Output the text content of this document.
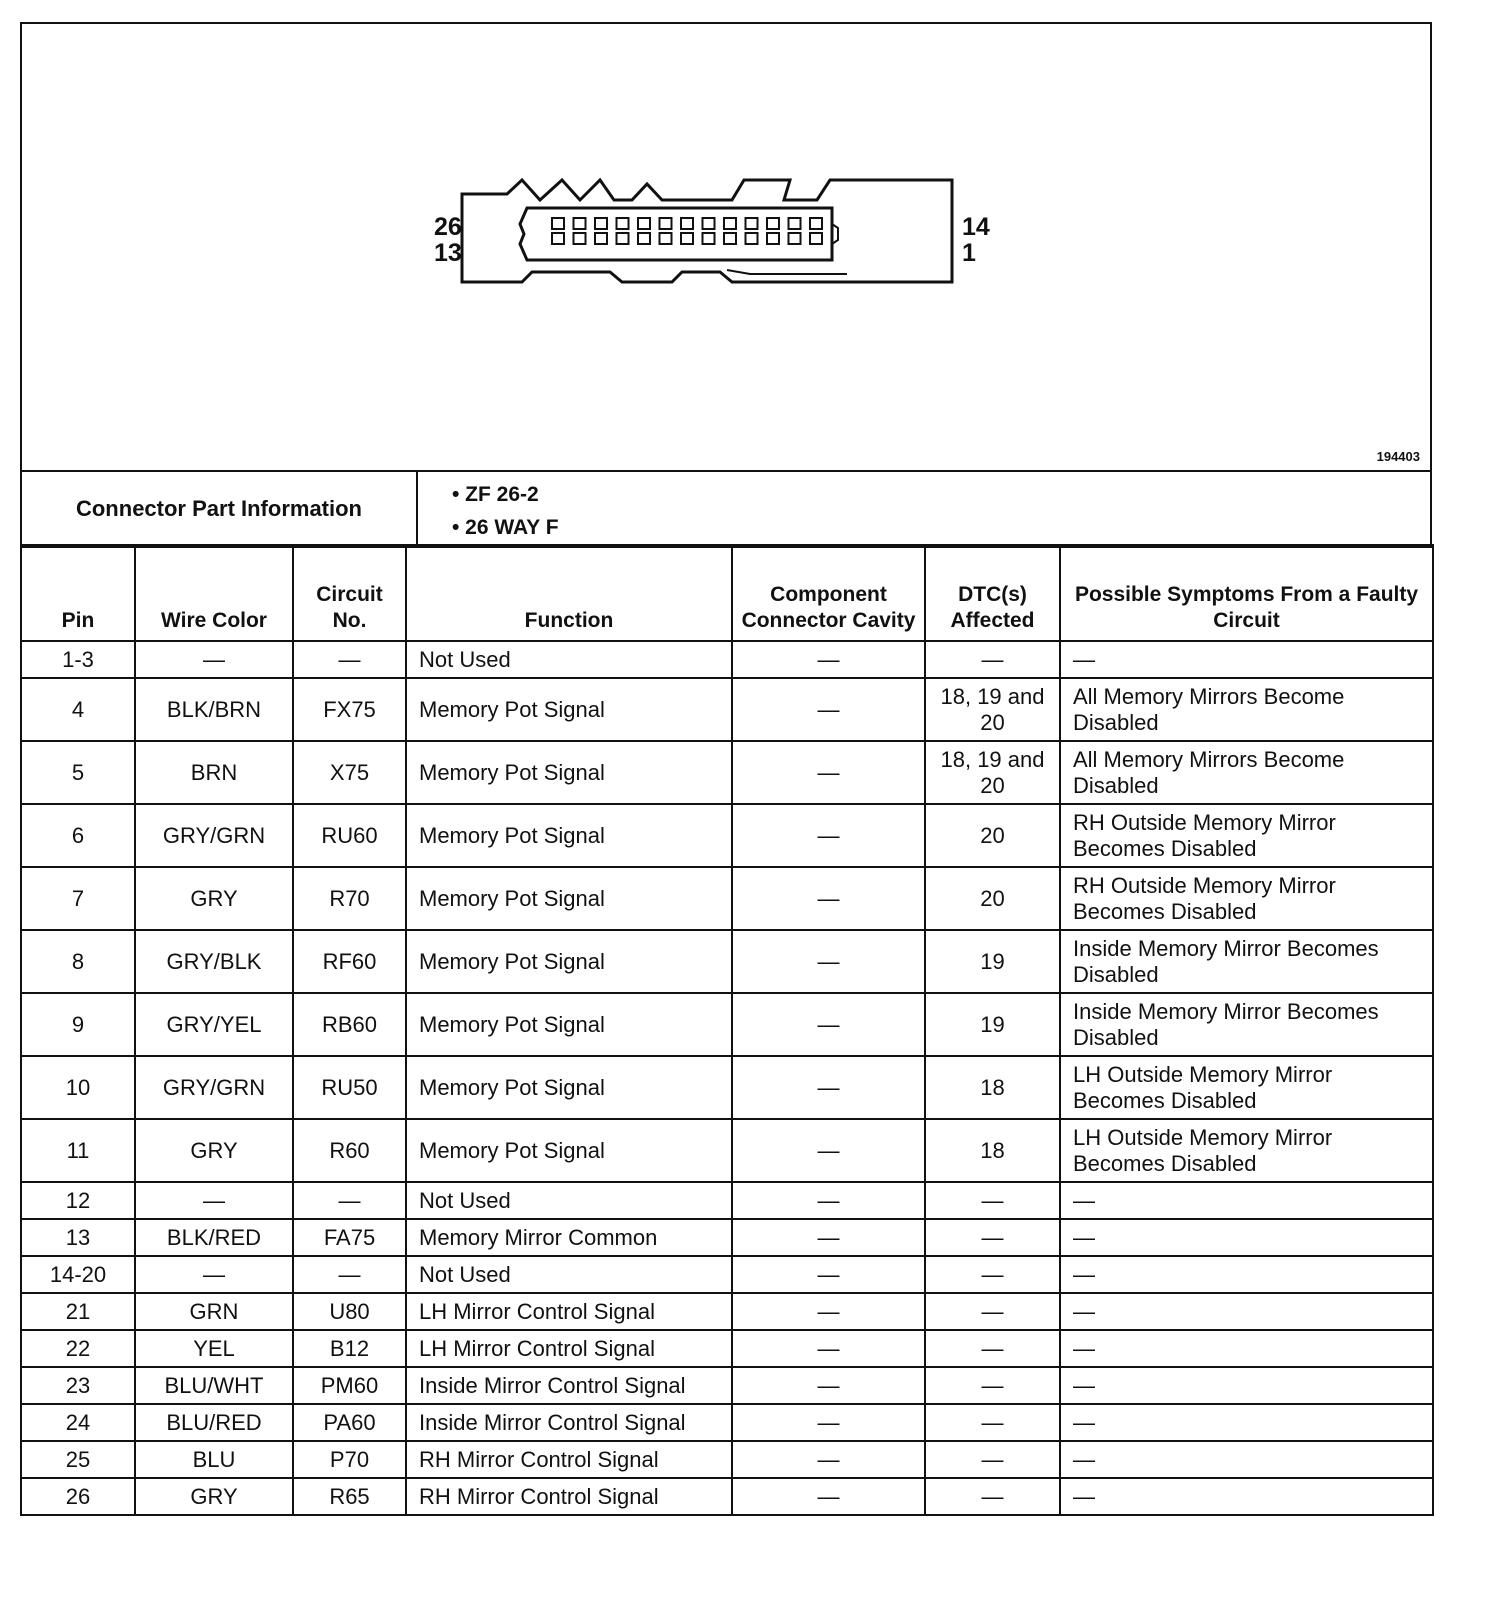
26
13
14
1
194403
Connector Part Information
• ZF 26-2
• 26 WAY F
Pin	Wire Color	Circuit No.	Function	Component Connector Cavity	DTC(s) Affected	Possible Symptoms From a Faulty Circuit
1-3	—	—	Not Used	—	—	—
4	BLK/BRN	FX75	Memory Pot Signal	—	18, 19 and 20	All Memory Mirrors Become Disabled
5	BRN	X75	Memory Pot Signal	—	18, 19 and 20	All Memory Mirrors Become Disabled
6	GRY/GRN	RU60	Memory Pot Signal	—	20	RH Outside Memory Mirror Becomes Disabled
7	GRY	R70	Memory Pot Signal	—	20	RH Outside Memory Mirror Becomes Disabled
8	GRY/BLK	RF60	Memory Pot Signal	—	19	Inside Memory Mirror Becomes Disabled
9	GRY/YEL	RB60	Memory Pot Signal	—	19	Inside Memory Mirror Becomes Disabled
10	GRY/GRN	RU50	Memory Pot Signal	—	18	LH Outside Memory Mirror Becomes Disabled
11	GRY	R60	Memory Pot Signal	—	18	LH Outside Memory Mirror Becomes Disabled
12	—	—	Not Used	—	—	—
13	BLK/RED	FA75	Memory Mirror Common	—	—	—
14-20	—	—	Not Used	—	—	—
21	GRN	U80	LH Mirror Control Signal	—	—	—
22	YEL	B12	LH Mirror Control Signal	—	—	—
23	BLU/WHT	PM60	Inside Mirror Control Signal	—	—	—
24	BLU/RED	PA60	Inside Mirror Control Signal	—	—	—
25	BLU	P70	RH Mirror Control Signal	—	—	—
26	GRY	R65	RH Mirror Control Signal	—	—	—
